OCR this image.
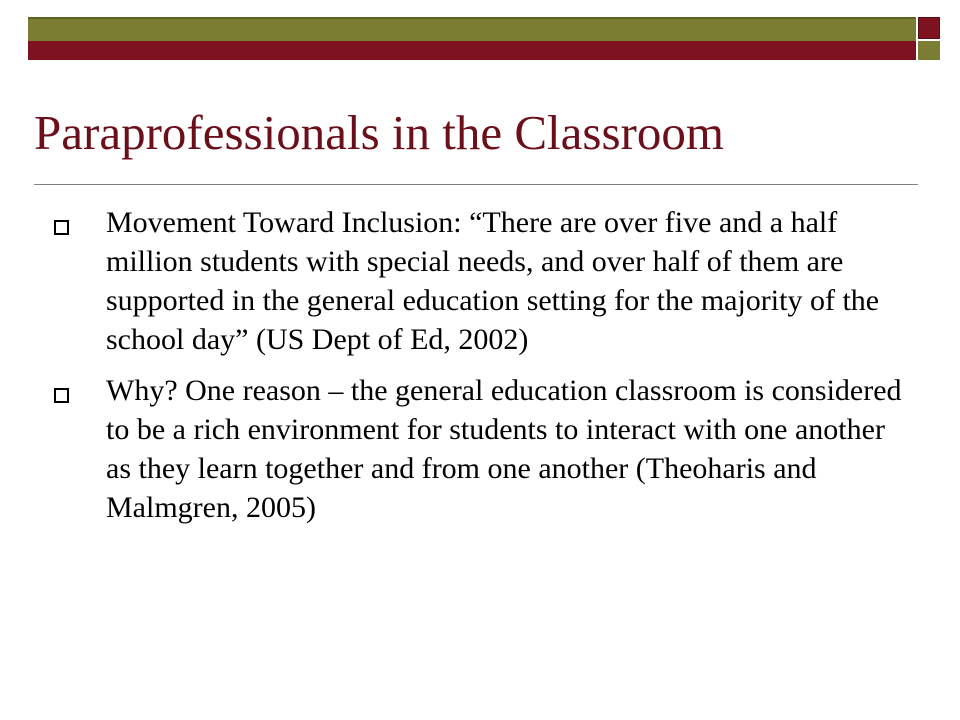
Paraprofessionals in the Classroom
Movement Toward Inclusion: “There are over five and a half million students with special needs, and over half of them are supported in the general education setting for the majority of the school day” (US Dept of Ed, 2002)
Why? One reason – the general education classroom is considered to be a rich environment for students to interact with one another as they learn together and from one another (Theoharis and Malmgren, 2005)
